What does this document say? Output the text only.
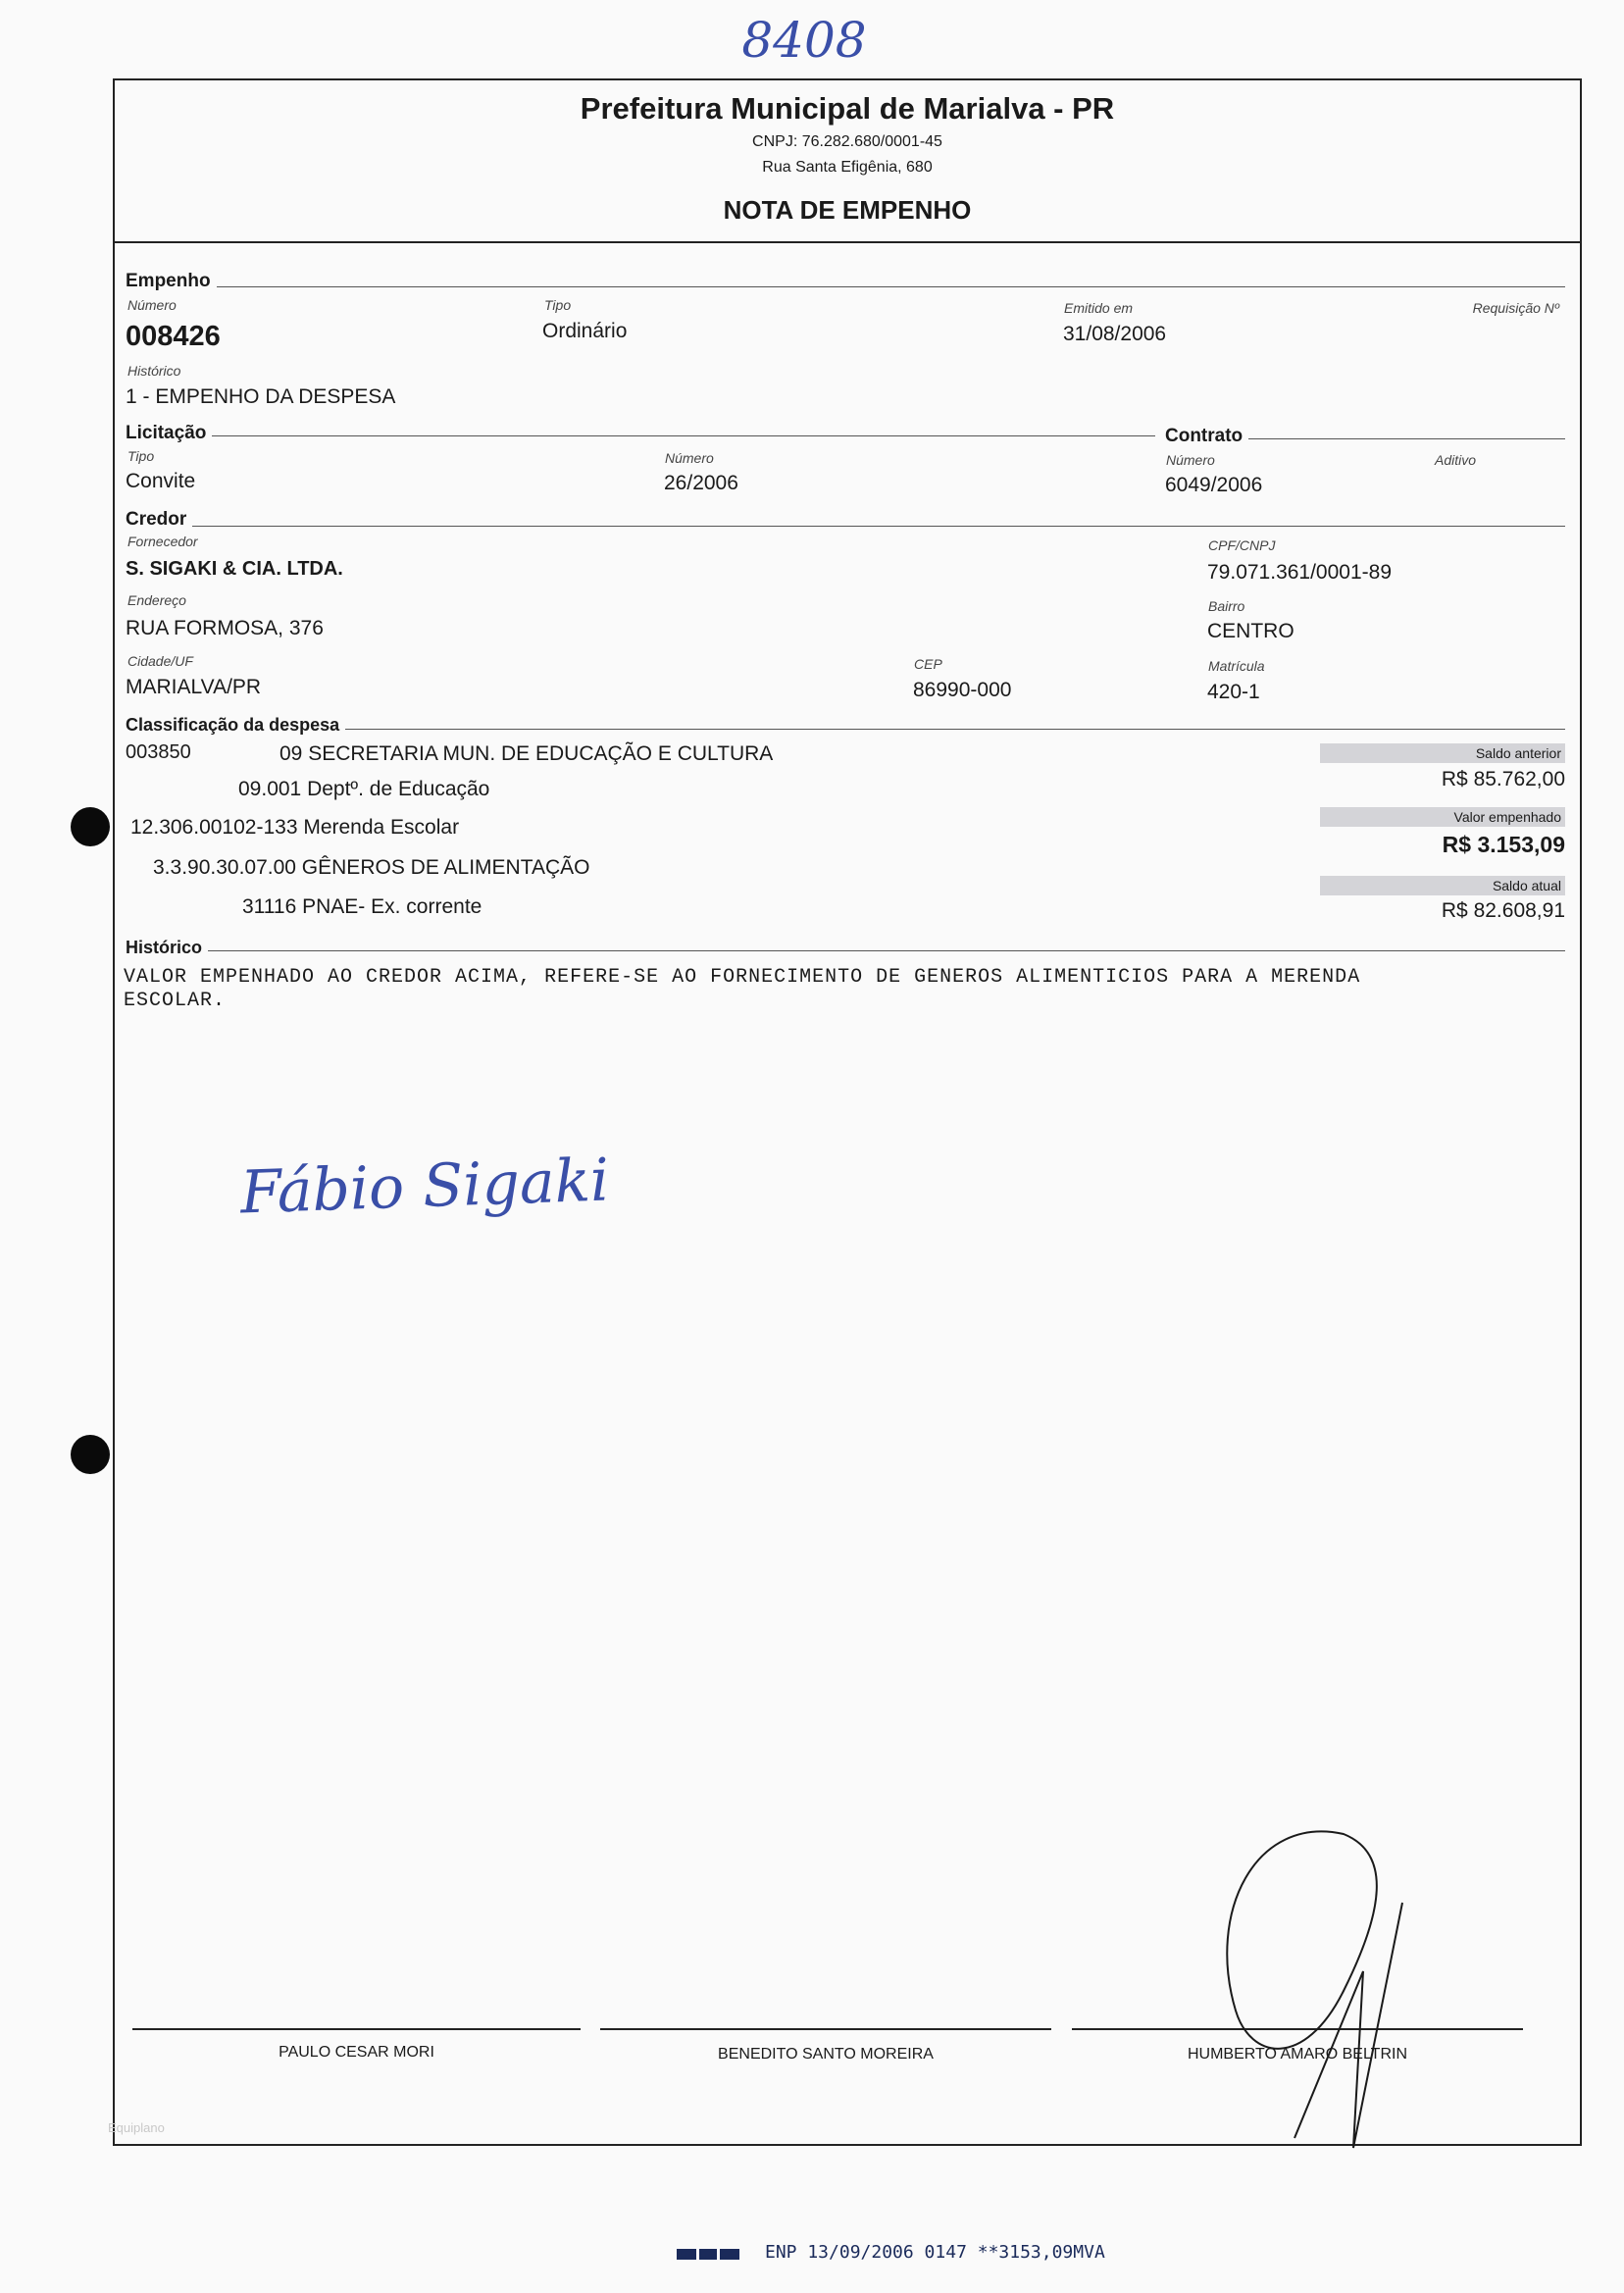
8408
Prefeitura Municipal de Marialva - PR
CNPJ: 76.282.680/0001-45
Rua Santa Efigênia, 680
NOTA DE EMPENHO
Empenho
Número
008426
Tipo
Ordinário
Emitido em
31/08/2006
Requisição Nº
Histórico
1 - EMPENHO DA DESPESA
Licitação	Contrato
Tipo
Convite
Número
26/2006
Número
6049/2006
Aditivo
Credor
Fornecedor
S. SIGAKI & CIA. LTDA.
CPF/CNPJ
79.071.361/0001-89
Endereço
RUA FORMOSA, 376
Bairro
CENTRO
Cidade/UF
MARIALVA/PR
CEP
86990-000
Matrícula
420-1
Classificação da despesa
003850	09 SECRETARIA MUN. DE EDUCAÇÃO E CULTURA
09.001 Deptº. de Educação
12.306.00102-133 Merenda Escolar
3.3.90.30.07.00 GÊNEROS DE ALIMENTAÇÃO
31116 PNAE- Ex. corrente
Saldo anterior
R$ 85.762,00
Valor empenhado
R$ 3.153,09
Saldo atual
R$ 82.608,91
Histórico
VALOR EMPENHADO AO CREDOR ACIMA, REFERE-SE AO FORNECIMENTO DE GENEROS ALIMENTICIOS PARA A MERENDA
ESCOLAR.
Fábio Sigaki
PAULO CESAR MORI	BENEDITO SANTO MOREIRA	HUMBERTO AMARO BELTRIN
Equiplano
ENP 13/09/2006 0147 **3153,09MVA
